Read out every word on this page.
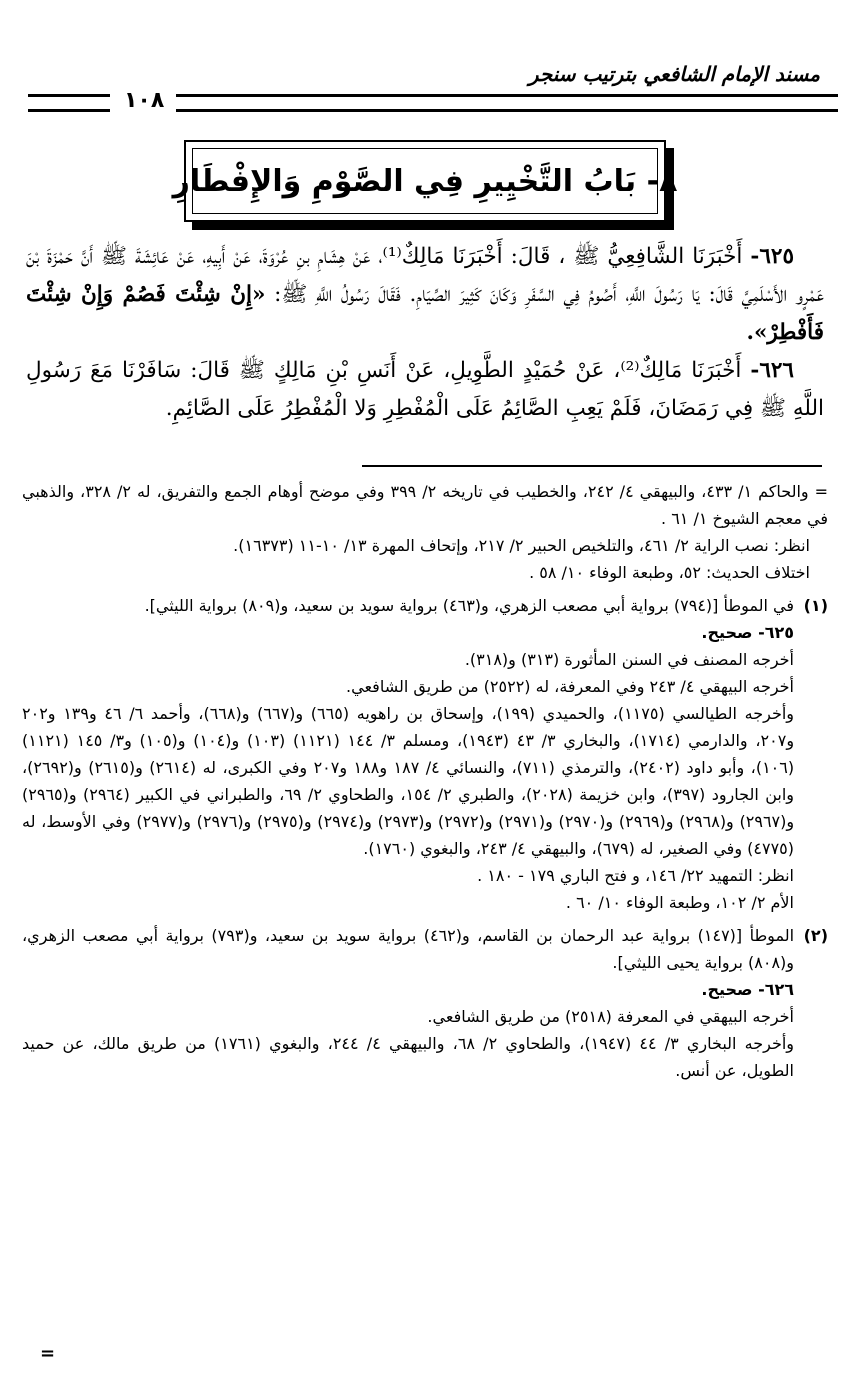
مسند الإمام الشافعي بترتيب سنجر
١٠٨
٨- بَابُ التَّخْيِيرِ فِي الصَّوْمِ وَالإِفْطَارِ

٦٢٥- أَخْبَرَنَا الشَّافِعِيُّ ﷺ ، قَالَ: أَخْبَرَنَا مَالِكٌ⁽¹⁾، عَنْ هِشَامِ بنِ عُرْوَةَ، عَنْ أَبِيهِ، عَنْ عَائِشَةَ ﷺ أَنَّ حَمْزَةَ بْنَ عَمْرٍو الأَسْلَمِيَّ قَالَ: يَا رَسُولَ اللَّهِ، أَصُومُ فِي السَّفَرِ وَكَانَ كَثِيرَ الصِّيَامِ. فَقَالَ رَسُولُ اللَّهِ ﷺ: «إِنْ شِئْتَ فَصُمْ وَإِنْ شِئْتَ فَأَفْطِرْ».

٦٢٦- أَخْبَرَنَا مَالِكٌ⁽²⁾، عَنْ حُمَيْدٍ الطَّوِيلِ، عَنْ أَنَسِ بْنِ مَالِكٍ ﷺ قَالَ: سَافَرْنَا مَعَ رَسُولِ اللَّهِ ﷺ فِي رَمَضَانَ، فَلَمْ يَعِبِ الصَّائِمُ عَلَى الْمُفْطِرِ وَلا الْمُفْطِرُ عَلَى الصَّائِمِ.

= والحاكم ١/ ٤٣٣، والبيهقي ٤/ ٢٤٢، والخطيب في تاريخه ٢/ ٣٩٩ وفي موضح أوهام الجمع والتفريق، له ٢/ ٣٢٨، والذهبي في معجم الشيوخ ١/ ٦١ .

انظر: نصب الراية ٢/ ٤٦١، والتلخيص الحبير ٢/ ٢١٧، وإتحاف المهرة ١٣/ ١٠-١١ (١٦٣٧٣).

اختلاف الحديث: ٥٢، وطبعة الوفاء ١٠/ ٥٨ .

(١)

في الموطأ [(٧٩٤) برواية أبي مصعب الزهري، و(٤٦٣) برواية سويد بن سعيد، و(٨٠٩) برواية الليثي].

٦٢٥- صحيح.

أخرجه المصنف في السنن المأثورة (٣١٣) و(٣١٨).

أخرجه البيهقي ٤/ ٢٤٣ وفي المعرفة، له (٢٥٢٢) من طريق الشافعي.

وأخرجه الطيالسي (١١٧٥)، والحميدي (١٩٩)، وإسحاق بن راهويه (٦٦٥) و(٦٦٧) و(٦٦٨)، وأحمد ٦/ ٤٦ و١٣٩ و٢٠٢ و٢٠٧، والدارمي (١٧١٤)، والبخاري ٣/ ٤٣ (١٩٤٣)، ومسلم ٣/ ١٤٤ (١١٢١) (١٠٣) و(١٠٤) و(١٠٥) و٣/ ١٤٥ (١١٢١) (١٠٦)، وأبو داود (٢٤٠٢)، والترمذي (٧١١)، والنسائي ٤/ ١٨٧ و١٨٨ و٢٠٧ وفي الكبرى، له (٢٦١٤) و(٢٦١٥) و(٢٦٩٢)، وابن الجارود (٣٩٧)، وابن خزيمة (٢٠٢٨)، والطبري ٢/ ١٥٤، والطحاوي ٢/ ٦٩، والطبراني في الكبير (٢٩٦٤) و(٢٩٦٥) و(٢٩٦٧) و(٢٩٦٨) و(٢٩٦٩) و(٢٩٧٠) و(٢٩٧١) و(٢٩٧٢) و(٢٩٧٣) و(٢٩٧٤) و(٢٩٧٥) و(٢٩٧٦) و(٢٩٧٧) وفي الأوسط، له (٤٧٧٥) وفي الصغير، له (٦٧٩)، والبيهقي ٤/ ٢٤٣، والبغوي (١٧٦٠).

انظر: التمهيد ٢٢/ ١٤٦، و فتح الباري ١٧٩ - ١٨٠ .

الأم ٢/ ١٠٢، وطبعة الوفاء ١٠/ ٦٠ .

(٢)

الموطأ [(١٤٧) برواية عبد الرحمان بن القاسم، و(٤٦٢) برواية سويد بن سعيد، و(٧٩٣) برواية أبي مصعب الزهري، و(٨٠٨) برواية يحيى الليثي].

٦٢٦- صحيح.

أخرجه البيهقي في المعرفة (٢٥١٨) من طريق الشافعي.

وأخرجه البخاري ٣/ ٤٤ (١٩٤٧)، والطحاوي ٢/ ٦٨، والبيهقي ٤/ ٢٤٤، والبغوي (١٧٦١) من طريق مالك، عن حميد الطويل، عن أنس.

=
